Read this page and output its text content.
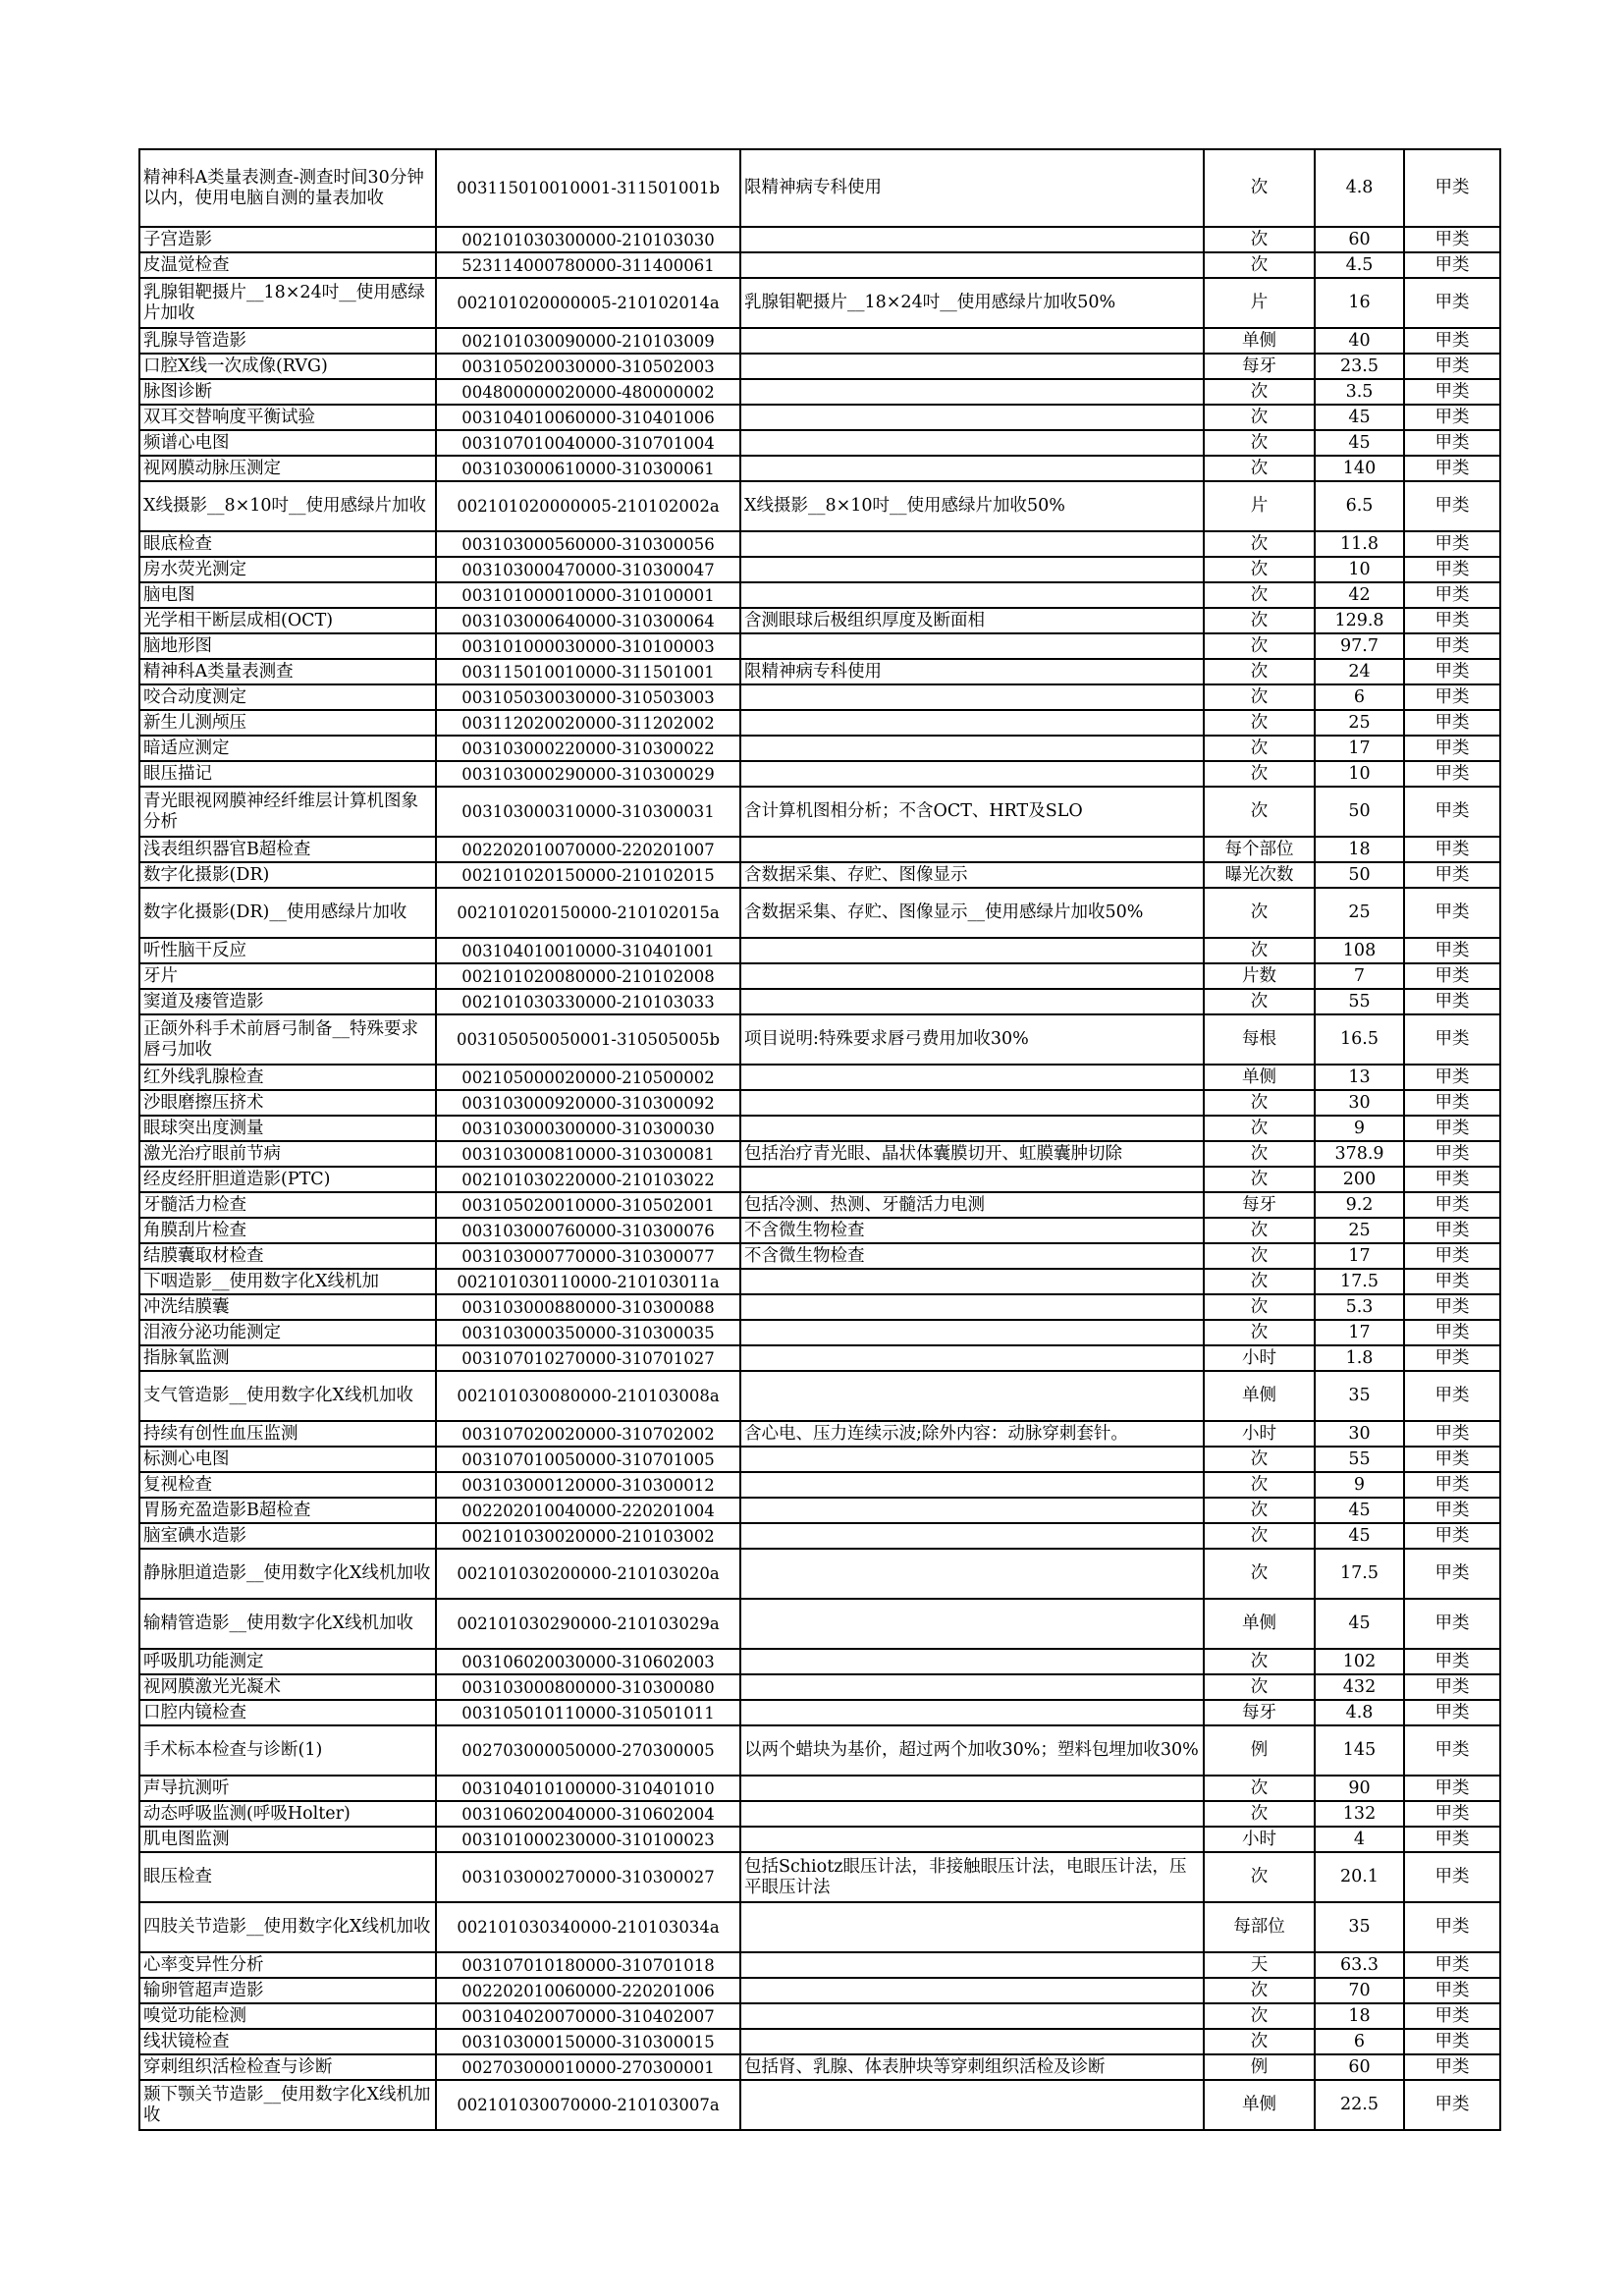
精神科A类量表测查-测查时间30分钟以内，使用电脑自测的量表加收	003115010010001-311501001b	限精神病专科使用	次	4.8	甲类
子宫造影	002101030300000-210103030		次	60	甲类
皮温觉检查	523114000780000-311400061		次	4.5	甲类
乳腺钼靶摄片__18×24吋__使用感绿片加收	002101020000005-210102014a	乳腺钼靶摄片__18×24吋__使用感绿片加收50%	片	16	甲类
乳腺导管造影	002101030090000-210103009		单侧	40	甲类
口腔X线一次成像(RVG)	003105020030000-310502003		每牙	23.5	甲类
脉图诊断	004800000020000-480000002		次	3.5	甲类
双耳交替响度平衡试验	003104010060000-310401006		次	45	甲类
频谱心电图	003107010040000-310701004		次	45	甲类
视网膜动脉压测定	003103000610000-310300061		次	140	甲类
X线摄影__8×10吋__使用感绿片加收	002101020000005-210102002a	X线摄影__8×10吋__使用感绿片加收50%	片	6.5	甲类
眼底检查	003103000560000-310300056		次	11.8	甲类
房水荧光测定	003103000470000-310300047		次	10	甲类
脑电图	003101000010000-310100001		次	42	甲类
光学相干断层成相(OCT)	003103000640000-310300064	含测眼球后极组织厚度及断面相	次	129.8	甲类
脑地形图	003101000030000-310100003		次	97.7	甲类
精神科A类量表测查	003115010010000-311501001	限精神病专科使用	次	24	甲类
咬合动度测定	003105030030000-310503003		次	6	甲类
新生儿测颅压	003112020020000-311202002		次	25	甲类
暗适应测定	003103000220000-310300022		次	17	甲类
眼压描记	003103000290000-310300029		次	10	甲类
青光眼视网膜神经纤维层计算机图象分析	003103000310000-310300031	含计算机图相分析；不含OCT、HRT及SLO	次	50	甲类
浅表组织器官B超检查	002202010070000-220201007		每个部位	18	甲类
数字化摄影(DR)	002101020150000-210102015	含数据采集、存贮、图像显示	曝光次数	50	甲类
数字化摄影(DR)__使用感绿片加收	002101020150000-210102015a	含数据采集、存贮、图像显示__使用感绿片加收50%	次	25	甲类
听性脑干反应	003104010010000-310401001		次	108	甲类
牙片	002101020080000-210102008		片数	7	甲类
窦道及瘘管造影	002101030330000-210103033		次	55	甲类
正颌外科手术前唇弓制备__特殊要求唇弓加收	003105050050001-310505005b	项目说明:特殊要求唇弓费用加收30%	每根	16.5	甲类
红外线乳腺检查	002105000020000-210500002		单侧	13	甲类
沙眼磨擦压挤术	003103000920000-310300092		次	30	甲类
眼球突出度测量	003103000300000-310300030		次	9	甲类
激光治疗眼前节病	003103000810000-310300081	包括治疗青光眼、晶状体囊膜切开、虹膜囊肿切除	次	378.9	甲类
经皮经肝胆道造影(PTC)	002101030220000-210103022		次	200	甲类
牙髓活力检查	003105020010000-310502001	包括冷测、热测、牙髓活力电测	每牙	9.2	甲类
角膜刮片检查	003103000760000-310300076	不含微生物检查	次	25	甲类
结膜囊取材检查	003103000770000-310300077	不含微生物检查	次	17	甲类
下咽造影__使用数字化X线机加	002101030110000-210103011a		次	17.5	甲类
冲洗结膜囊	003103000880000-310300088		次	5.3	甲类
泪液分泌功能测定	003103000350000-310300035		次	17	甲类
指脉氧监测	003107010270000-310701027		小时	1.8	甲类
支气管造影__使用数字化X线机加收	002101030080000-210103008a		单侧	35	甲类
持续有创性血压监测	003107020020000-310702002	含心电、压力连续示波;除外内容：动脉穿刺套针。	小时	30	甲类
标测心电图	003107010050000-310701005		次	55	甲类
复视检查	003103000120000-310300012		次	9	甲类
胃肠充盈造影B超检查	002202010040000-220201004		次	45	甲类
脑室碘水造影	002101030020000-210103002		次	45	甲类
静脉胆道造影__使用数字化X线机加收	002101030200000-210103020a		次	17.5	甲类
输精管造影__使用数字化X线机加收	002101030290000-210103029a		单侧	45	甲类
呼吸肌功能测定	003106020030000-310602003		次	102	甲类
视网膜激光光凝术	003103000800000-310300080		次	432	甲类
口腔内镜检查	003105010110000-310501011		每牙	4.8	甲类
手术标本检查与诊断(1)	002703000050000-270300005	以两个蜡块为基价，超过两个加收30%；塑料包埋加收30%	例	145	甲类
声导抗测听	003104010100000-310401010		次	90	甲类
动态呼吸监测(呼吸Holter)	003106020040000-310602004		次	132	甲类
肌电图监测	003101000230000-310100023		小时	4	甲类
眼压检查	003103000270000-310300027	包括Schiotz眼压计法，非接触眼压计法，电眼压计法，压平眼压计法	次	20.1	甲类
四肢关节造影__使用数字化X线机加收	002101030340000-210103034a		每部位	35	甲类
心率变异性分析	003107010180000-310701018		天	63.3	甲类
输卵管超声造影	002202010060000-220201006		次	70	甲类
嗅觉功能检测	003104020070000-310402007		次	18	甲类
线状镜检查	003103000150000-310300015		次	6	甲类
穿刺组织活检检查与诊断	002703000010000-270300001	包括肾、乳腺、体表肿块等穿刺组织活检及诊断	例	60	甲类
颞下颚关节造影__使用数字化X线机加收	002101030070000-210103007a		单侧	22.5	甲类
